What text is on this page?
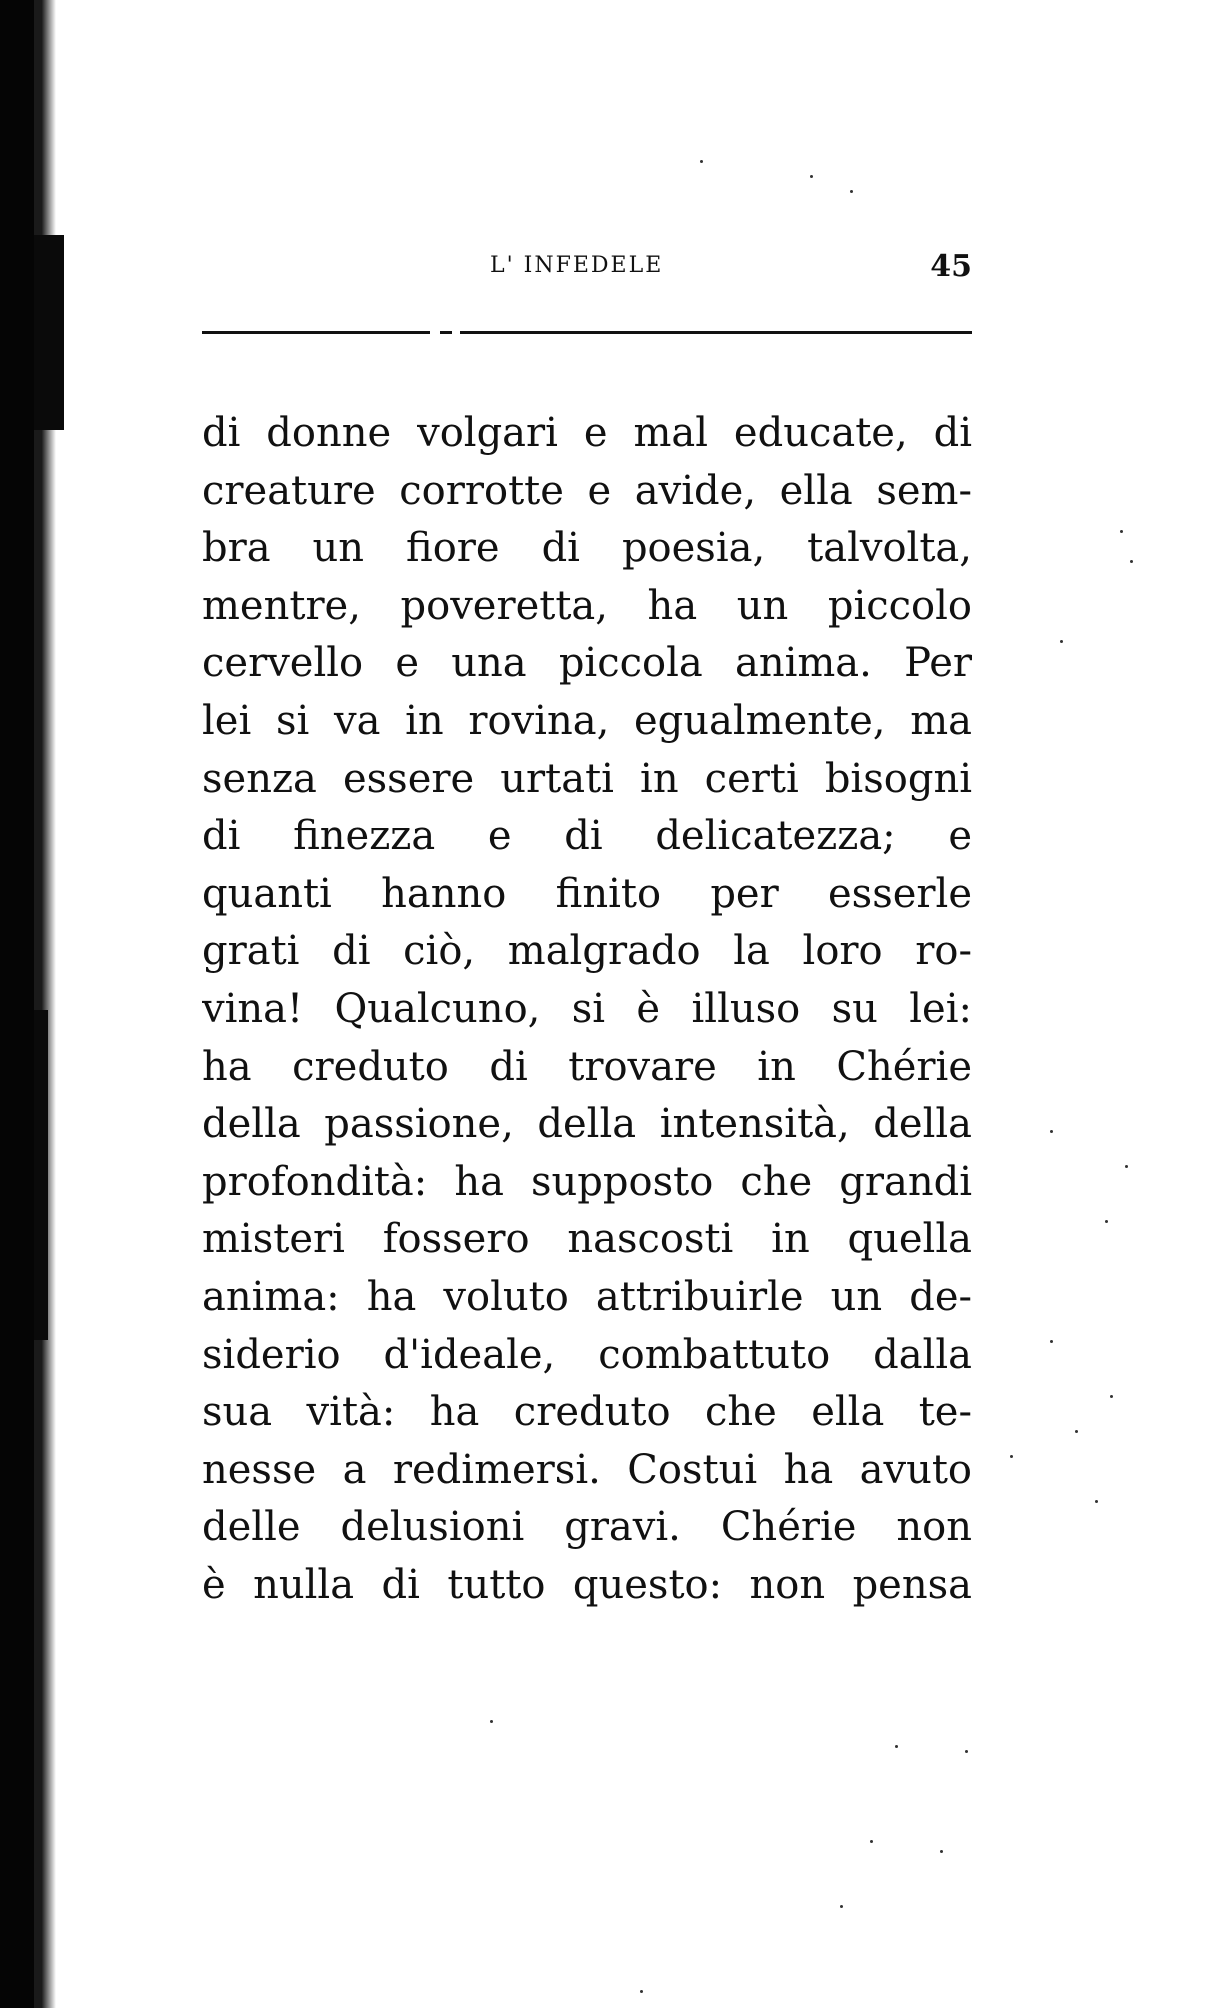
L' INFEDELE	45
di donne volgari e mal educate, di
creature corrotte e avide, ella sem-
bra un fiore di poesia, talvolta,
mentre, poveretta, ha un piccolo
cervello e una piccola anima. Per
lei si va in rovina, egualmente, ma
senza essere urtati in certi bisogni
di finezza e di delicatezza; e
quanti hanno finito per esserle
grati di ciò, malgrado la loro ro-
vina! Qualcuno, si è illuso su lei:
ha creduto di trovare in Chérie
della passione, della intensità, della
profondità: ha supposto che grandi
misteri fossero nascosti in quella
anima: ha voluto attribuirle un de-
siderio d'ideale, combattuto dalla
sua vità: ha creduto che ella te-
nesse a redimersi. Costui ha avuto
delle delusioni gravi. Chérie non
è nulla di tutto questo: non pensa
